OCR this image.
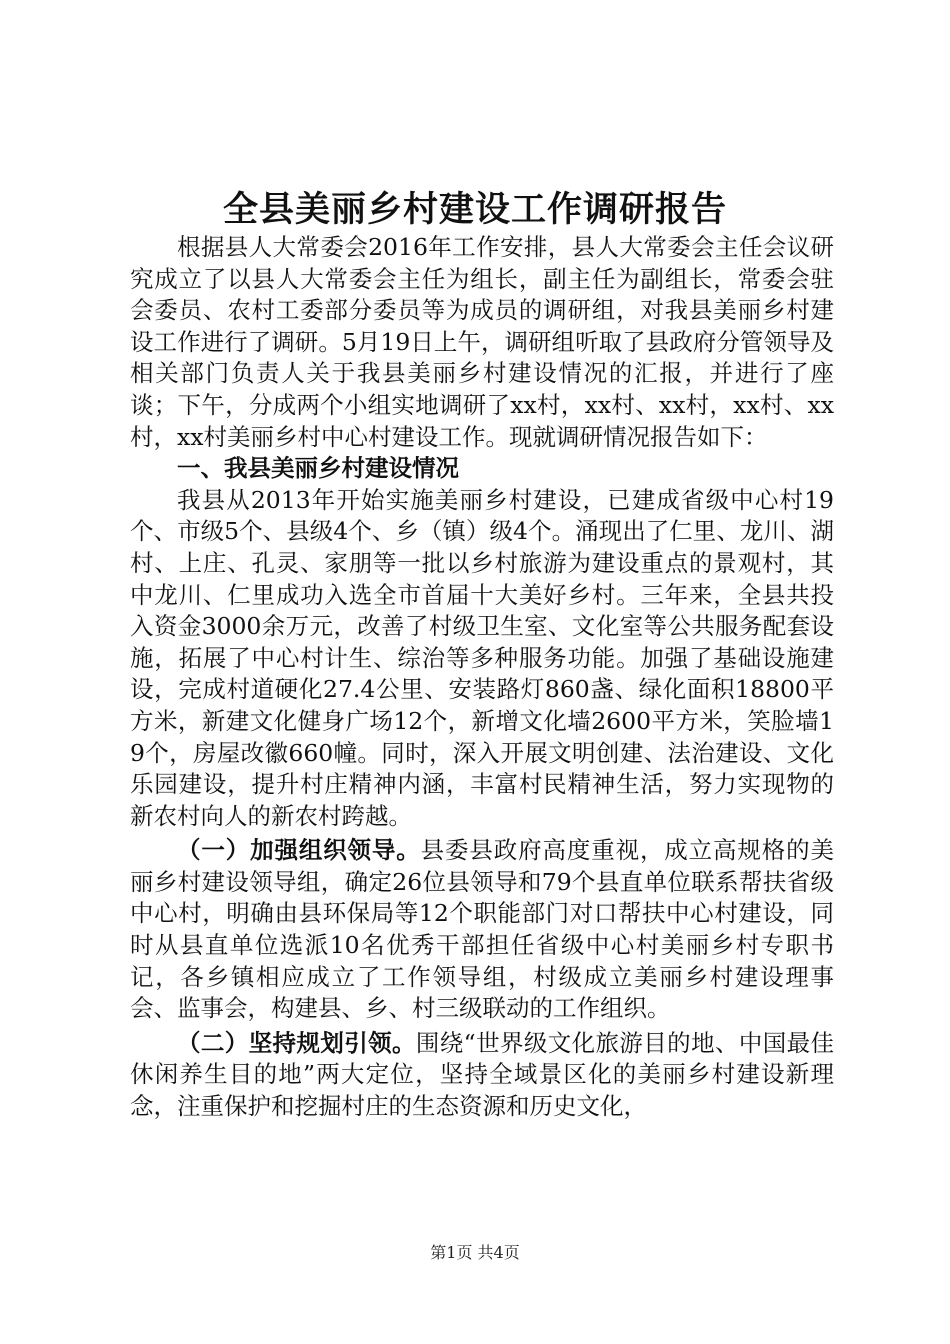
全县美丽乡村建设工作调研报告

根据县人大常委会2016年工作安排，县人大常委会主任会议研究成立了以县人大常委会主任为组长，副主任为副组长，常委会驻会委员、农村工委部分委员等为成员的调研组，对我县美丽乡村建设工作进行了调研。5月19日上午，调研组听取了县政府分管领导及相关部门负责人关于我县美丽乡村建设情况的汇报，并进行了座谈；下午，分成两个小组实地调研了xx村，xx村、xx村，xx村、xx村，xx村美丽乡村中心村建设工作。现就调研情况报告如下：

一、我县美丽乡村建设情况

我县从2013年开始实施美丽乡村建设，已建成省级中心村19个、市级5个、县级4个、乡（镇）级4个。涌现出了仁里、龙川、湖村、上庄、孔灵、家朋等一批以乡村旅游为建设重点的景观村，其中龙川、仁里成功入选全市首届十大美好乡村。三年来，全县共投入资金3000余万元，改善了村级卫生室、文化室等公共服务配套设施，拓展了中心村计生、综治等多种服务功能。加强了基础设施建设，完成村道硬化27.4公里、安装路灯860盏、绿化面积18800平方米，新建文化健身广场12个，新增文化墙2600平方米，笑脸墙19个，房屋改徽660幢。同时，深入开展文明创建、法治建设、文化乐园建设，提升村庄精神内涵，丰富村民精神生活，努力实现物的新农村向人的新农村跨越。

（一）加强组织领导。县委县政府高度重视，成立高规格的美丽乡村建设领导组，确定26位县领导和79个县直单位联系帮扶省级中心村，明确由县环保局等12个职能部门对口帮扶中心村建设，同时从县直单位选派10名优秀干部担任省级中心村美丽乡村专职书记，各乡镇相应成立了工作领导组，村级成立美丽乡村建设理事会、监事会，构建县、乡、村三级联动的工作组织。

（二）坚持规划引领。围绕“世界级文化旅游目的地、中国最佳休闲养生目的地”两大定位，坚持全域景区化的美丽乡村建设新理念，注重保护和挖掘村庄的生态资源和历史文化，

第1页 共4页
